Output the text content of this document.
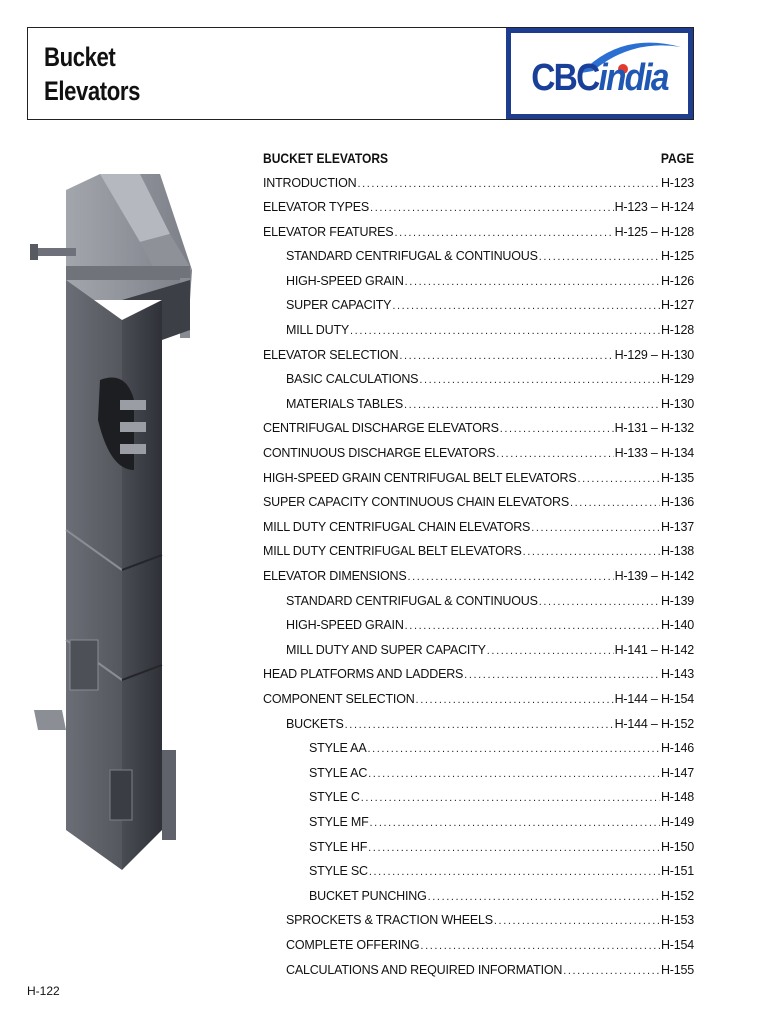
Bucket
Elevators	CBCindia
BUCKET ELEVATORS	PAGE
INTRODUCTION .....	H-123
ELEVATOR TYPES .....	H-123 – H-124
ELEVATOR FEATURES .....	H-125 – H-128
STANDARD CENTRIFUGAL & CONTINUOUS .....	H-125
HIGH-SPEED GRAIN .....	H-126
SUPER CAPACITY .....	H-127
MILL DUTY .....	H-128
ELEVATOR SELECTION .....	H-129 – H-130
BASIC CALCULATIONS .....	H-129
MATERIALS TABLES .....	H-130
CENTRIFUGAL DISCHARGE ELEVATORS .....	H-131 – H-132
CONTINUOUS DISCHARGE ELEVATORS .....	H-133 – H-134
HIGH-SPEED GRAIN CENTRIFUGAL BELT ELEVATORS .....	H-135
SUPER CAPACITY CONTINUOUS CHAIN ELEVATORS .....	H-136
MILL DUTY CENTRIFUGAL CHAIN ELEVATORS .....	H-137
MILL DUTY CENTRIFUGAL BELT ELEVATORS .....	H-138
ELEVATOR DIMENSIONS .....	H-139 – H-142
STANDARD CENTRIFUGAL & CONTINUOUS .....	H-139
HIGH-SPEED GRAIN .....	H-140
MILL DUTY AND SUPER CAPACITY .....	H-141 – H-142
HEAD PLATFORMS AND LADDERS .....	H-143
COMPONENT SELECTION .....	H-144 – H-154
BUCKETS .....	H-144 – H-152
STYLE AA .....	H-146
STYLE AC .....	H-147
STYLE C .....	H-148
STYLE MF .....	H-149
STYLE HF .....	H-150
STYLE SC .....	H-151
BUCKET PUNCHING .....	H-152
SPROCKETS & TRACTION WHEELS .....	H-153
COMPLETE OFFERING .....	H-154
CALCULATIONS AND REQUIRED INFORMATION .....	H-155
H-122
